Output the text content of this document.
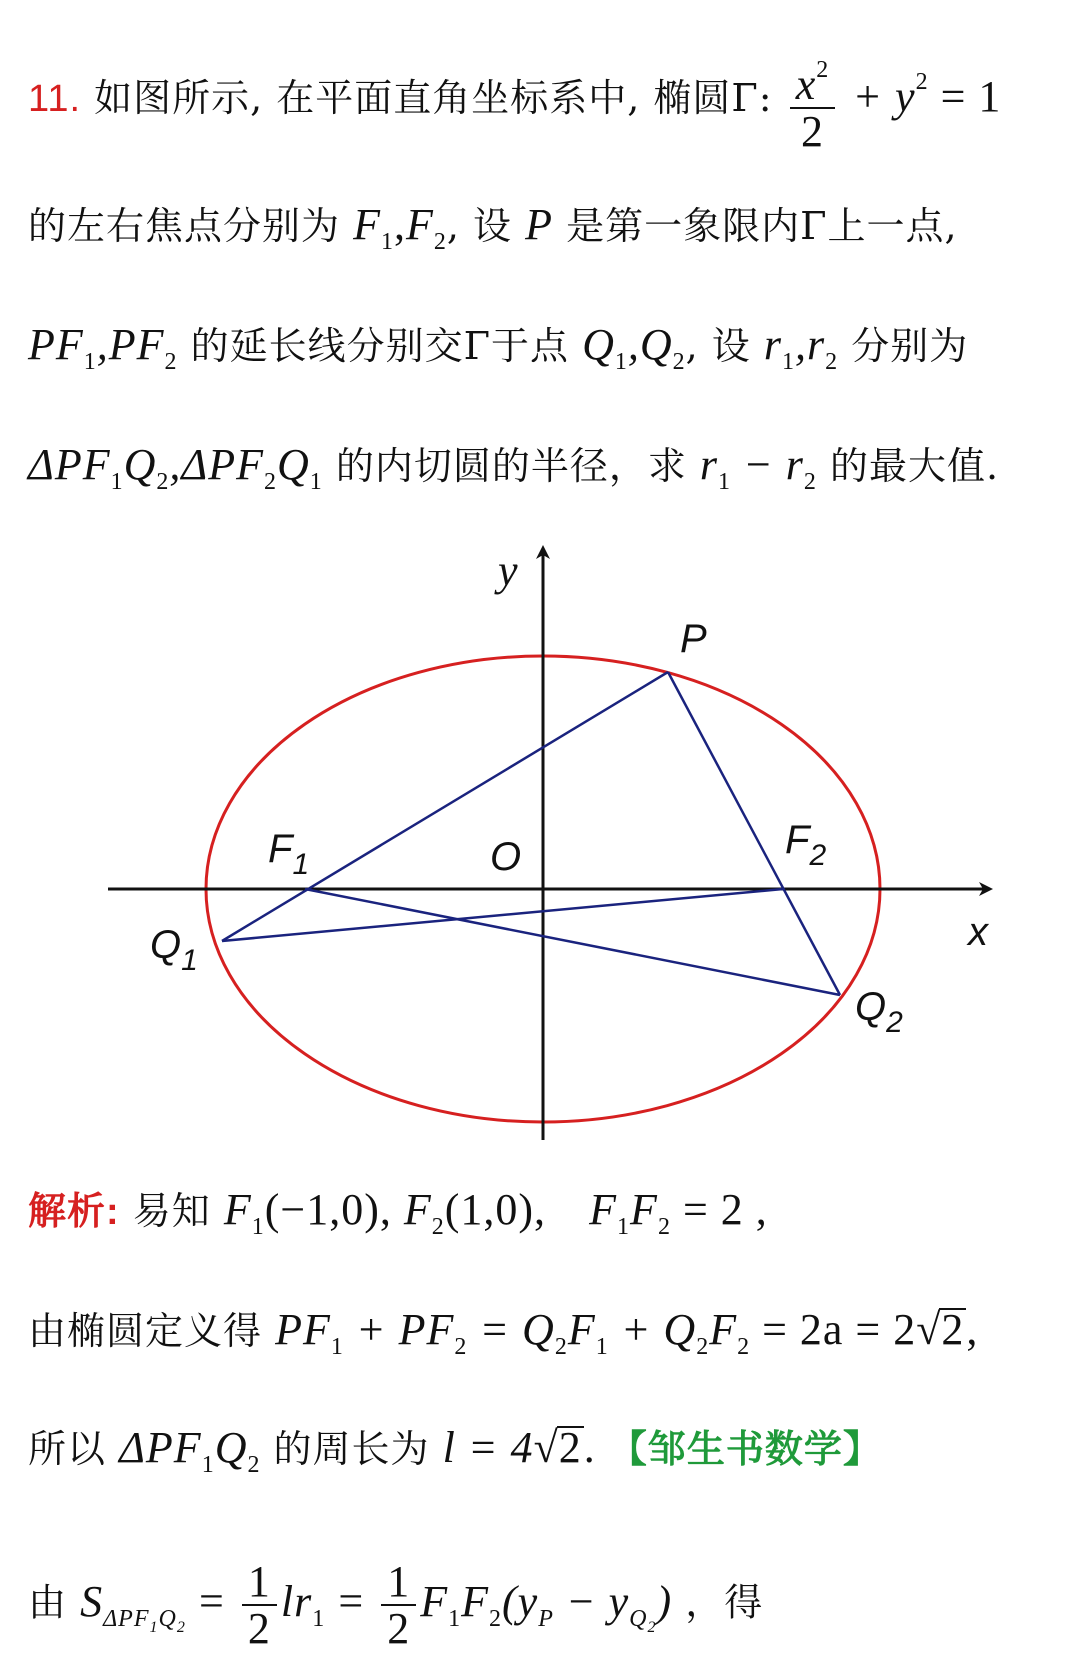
11. 如图所示, 在平面直角坐标系中, 椭圆Γ: $\frac{x^2}{2} + y^2 = 1$
的左右焦点分别为 $F_1,F_2$, 设 P 是第一象限内Γ上一点,
$PF_1,PF_2$ 的延长线分别交Γ于点 $Q_1,Q_2$, 设 $r_1,r_2$ 分别为
$\Delta PF_1Q_2,\Delta PF_2Q_1$ 的内切圆的半径，求 $r_1 - r_2$ 的最大值.
y
x
O
P
$F_1$
$F_2$
$Q_1$
$Q_2$
解析: 易知 $F_1(-1,0)$, $F_2(1,0)$, $F_1F_2 = 2$ ,
由椭圆定义得 $PF_1 + PF_2 = Q_2F_1 + Q_2F_2 = 2a = 2√2$,
所以 $\Delta PF_1Q_2$ 的周长为 l = 4√2. 【邹生书数学】
由 $S_{\Delta PF_1Q_2} = \frac{1}{2} lr_1 = \frac{1}{2} F_1F_2(y_P - y_{Q_2})$ ，得
